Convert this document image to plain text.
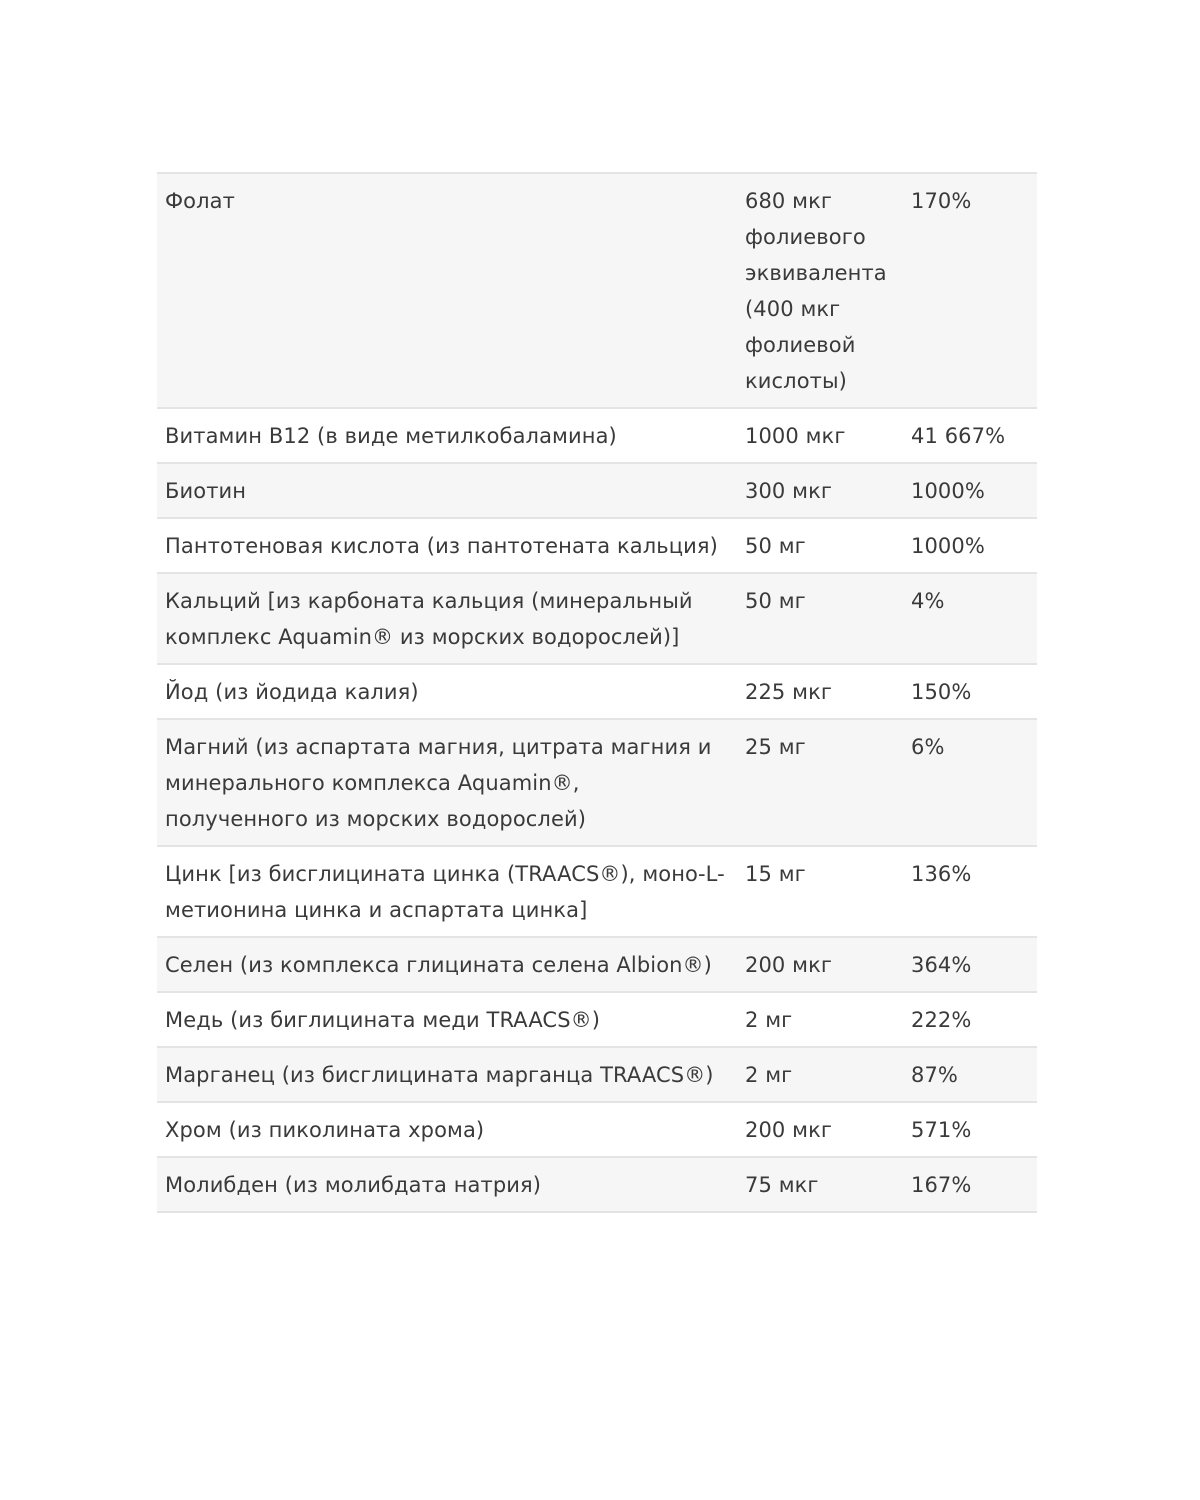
Фолат	680 мкг фолиевого эквивалента (400 мкг фолиевой кислоты)	170%
Витамин B12 (в виде метилкобаламина)	1000 мкг	41 667%
Биотин	300 мкг	1000%
Пантотеновая кислота (из пантотената кальция)	50 мг	1000%
Кальций [из карбоната кальция (минеральный комплекс Aquamin® из морских водорослей)]	50 мг	4%
Йод (из йодида калия)	225 мкг	150%
Магний (из аспартата магния, цитрата магния и минерального комплекса Aquamin®, полученного из морских водорослей)	25 мг	6%
Цинк [из бисглицината цинка (TRAACS®), моно-L-метионина цинка и аспартата цинка]	15 мг	136%
Селен (из комплекса глицината селена Albion®)	200 мкг	364%
Медь (из биглицината меди TRAACS®)	2 мг	222%
Марганец (из бисглицината марганца TRAACS®)	2 мг	87%
Хром (из пиколината хрома)	200 мкг	571%
Молибден (из молибдата натрия)	75 мкг	167%
